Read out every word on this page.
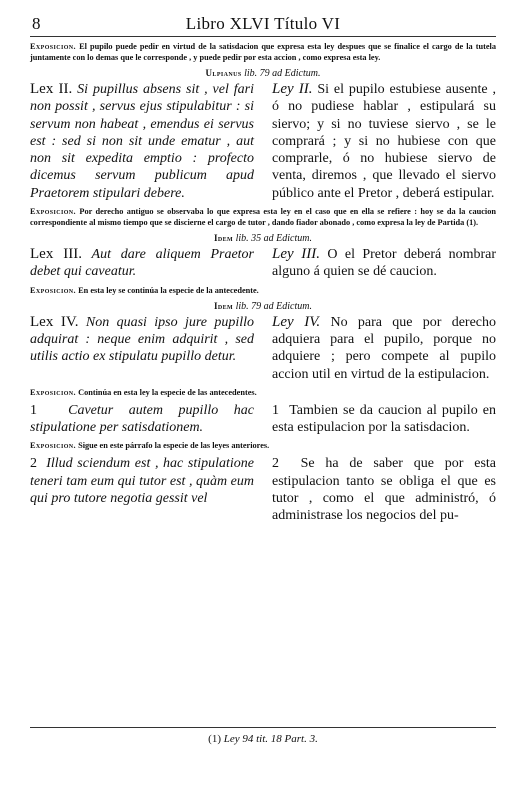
8	Libro XLVI Título VI

Exposicion. El pupilo puede pedir en virtud de la satisdacion que expresa esta ley despues que se finalice el cargo de la tutela juntamente con lo demas que le corresponde , y puede pedir por esta accion , como expresa esta ley.

Ulpianus lib. 79 ad Edictum.
Lex II. Si pupillus absens sit , vel fari non possit , servus ejus stipulabitur : si servum non habeat , emendus ei servus est : sed si non sit unde ematur , aut non sit expedita emptio : profecto dicemus servum publicum apud Praetorem stipulari debere.
Ley II. Si el pupilo estubiese ausente , ó no pudiese hablar , estipulará su siervo; y si no tuviese siervo , se le comprará ; y si no hubiese con que comprarle, ó no hubiese siervo de venta, diremos , que llevado el siervo público ante el Pretor , deberá estipular.

Exposicion. Por derecho antiguo se observaba lo que expresa esta ley en el caso que en ella se refiere : hoy se da la caucion correspondiente al mismo tiempo que se discierne el cargo de tutor , dando fiador abonado , como expresa la ley de Partida (1).

Idem lib. 35 ad Edictum.
Lex III. Aut dare aliquem Praetor debet qui caveatur.
Ley III. O el Pretor deberá nombrar alguno á quien se dé caucion.

Exposicion. En esta ley se continúa la especie de la antecedente.

Idem lib. 79 ad Edictum.
Lex IV. Non quasi ipso jure pupillo adquirat : neque enim adquirit , sed utilis actio ex stipulatu pupillo detur.
Ley IV. No para que por derecho adquiera para el pupilo, porque no adquiere ; pero compete al pupilo accion util en virtud de la estipulacion.

Exposicion. Continúa en esta ley la especie de las antecedentes.

1 Cavetur autem pupillo hac stipulatione per satisdationem.
1 Tambien se da caucion al pupilo en esta estipulacion por la satisdacion.

Exposicion. Sigue en este párrafo la especie de las leyes anteriores.

2 Illud sciendum est , hac stipulatione teneri tam eum qui tutor est , quàm eum qui pro tutore negotia gessit vel
2 Se ha de saber que por esta estipulacion tanto se obliga el que es tutor , como el que administró, ó administrase los negocios del pu-
(1) Ley 94 tit. 18 Part. 3.
